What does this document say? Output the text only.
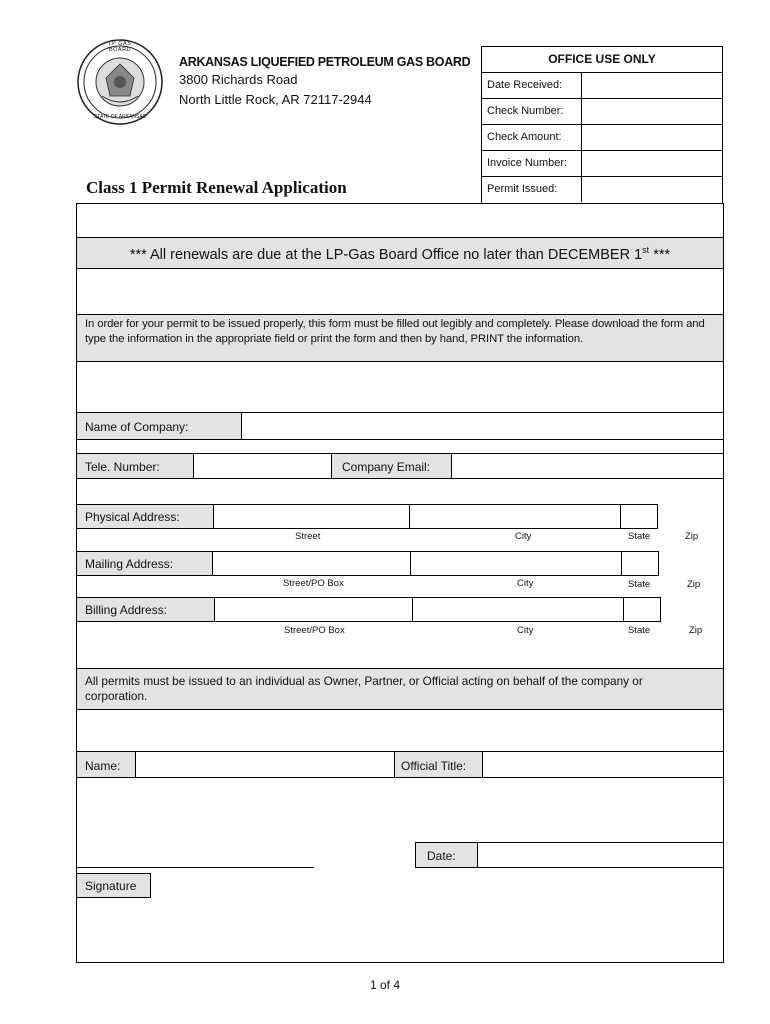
LP GAS BOARD
STATE OF ARKANSAS
ARKANSAS LIQUEFIED PETROLEUM GAS BOARD
3800 Richards Road
North Little Rock, AR 72117-2944
OFFICE USE ONLY
Date Received:
Check Number:
Check Amount:
Invoice Number:
Permit Issued:
Class 1 Permit Renewal Application
*** All renewals are due at the LP-Gas Board Office no later than DECEMBER 1st ***
In order for your permit to be issued properly, this form must be filled out legibly and completely. Please download the form and type the information in the appropriate field or print the form and then by hand, PRINT the information.
Name of Company:
Tele. Number:	Company Email:
Physical Address:
Street	City	State	Zip
Mailing Address:
Street/PO Box	City	State	Zip
Billing Address:
Street/PO Box	City	State	Zip
All permits must be issued to an individual as Owner, Partner, or Official acting on behalf of the company or corporation.
Name:	Official Title:
Date:
Signature
1 of 4
